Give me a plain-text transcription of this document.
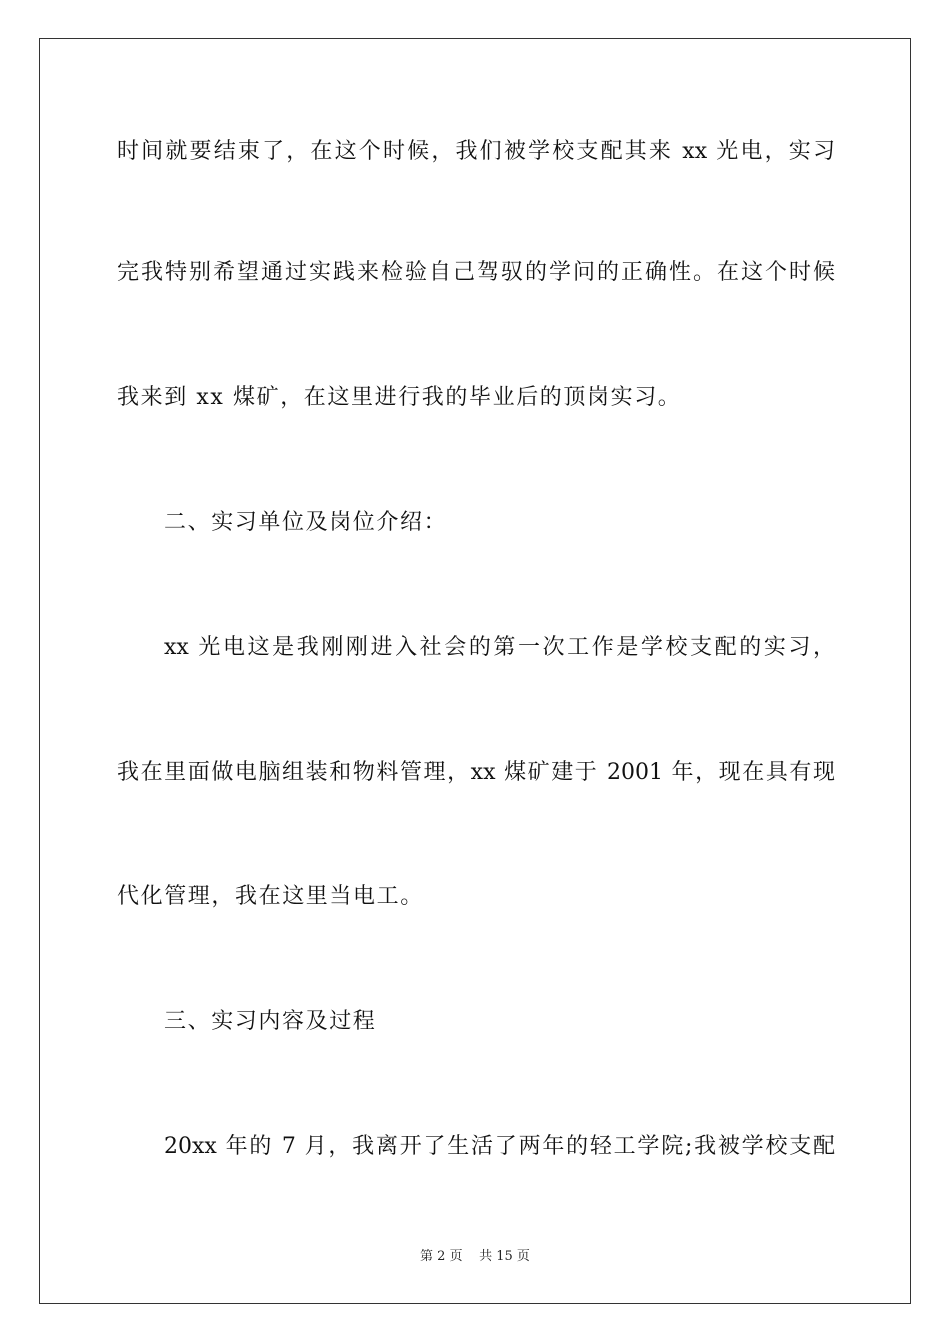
时间就要结束了，在这个时候，我们被学校支配其来 xx 光电，实习
完我特别希望通过实践来检验自己驾驭的学问的正确性。在这个时候
我来到 xx 煤矿，在这里进行我的毕业后的顶岗实习。
二、实习单位及岗位介绍：
xx 光电这是我刚刚进入社会的第一次工作是学校支配的实习，
我在里面做电脑组装和物料管理，xx 煤矿建于 2001 年，现在具有现
代化管理，我在这里当电工。
三、实习内容及过程
20xx 年的 7 月，我离开了生活了两年的轻工学院;我被学校支配
第 2 页 共 15 页
